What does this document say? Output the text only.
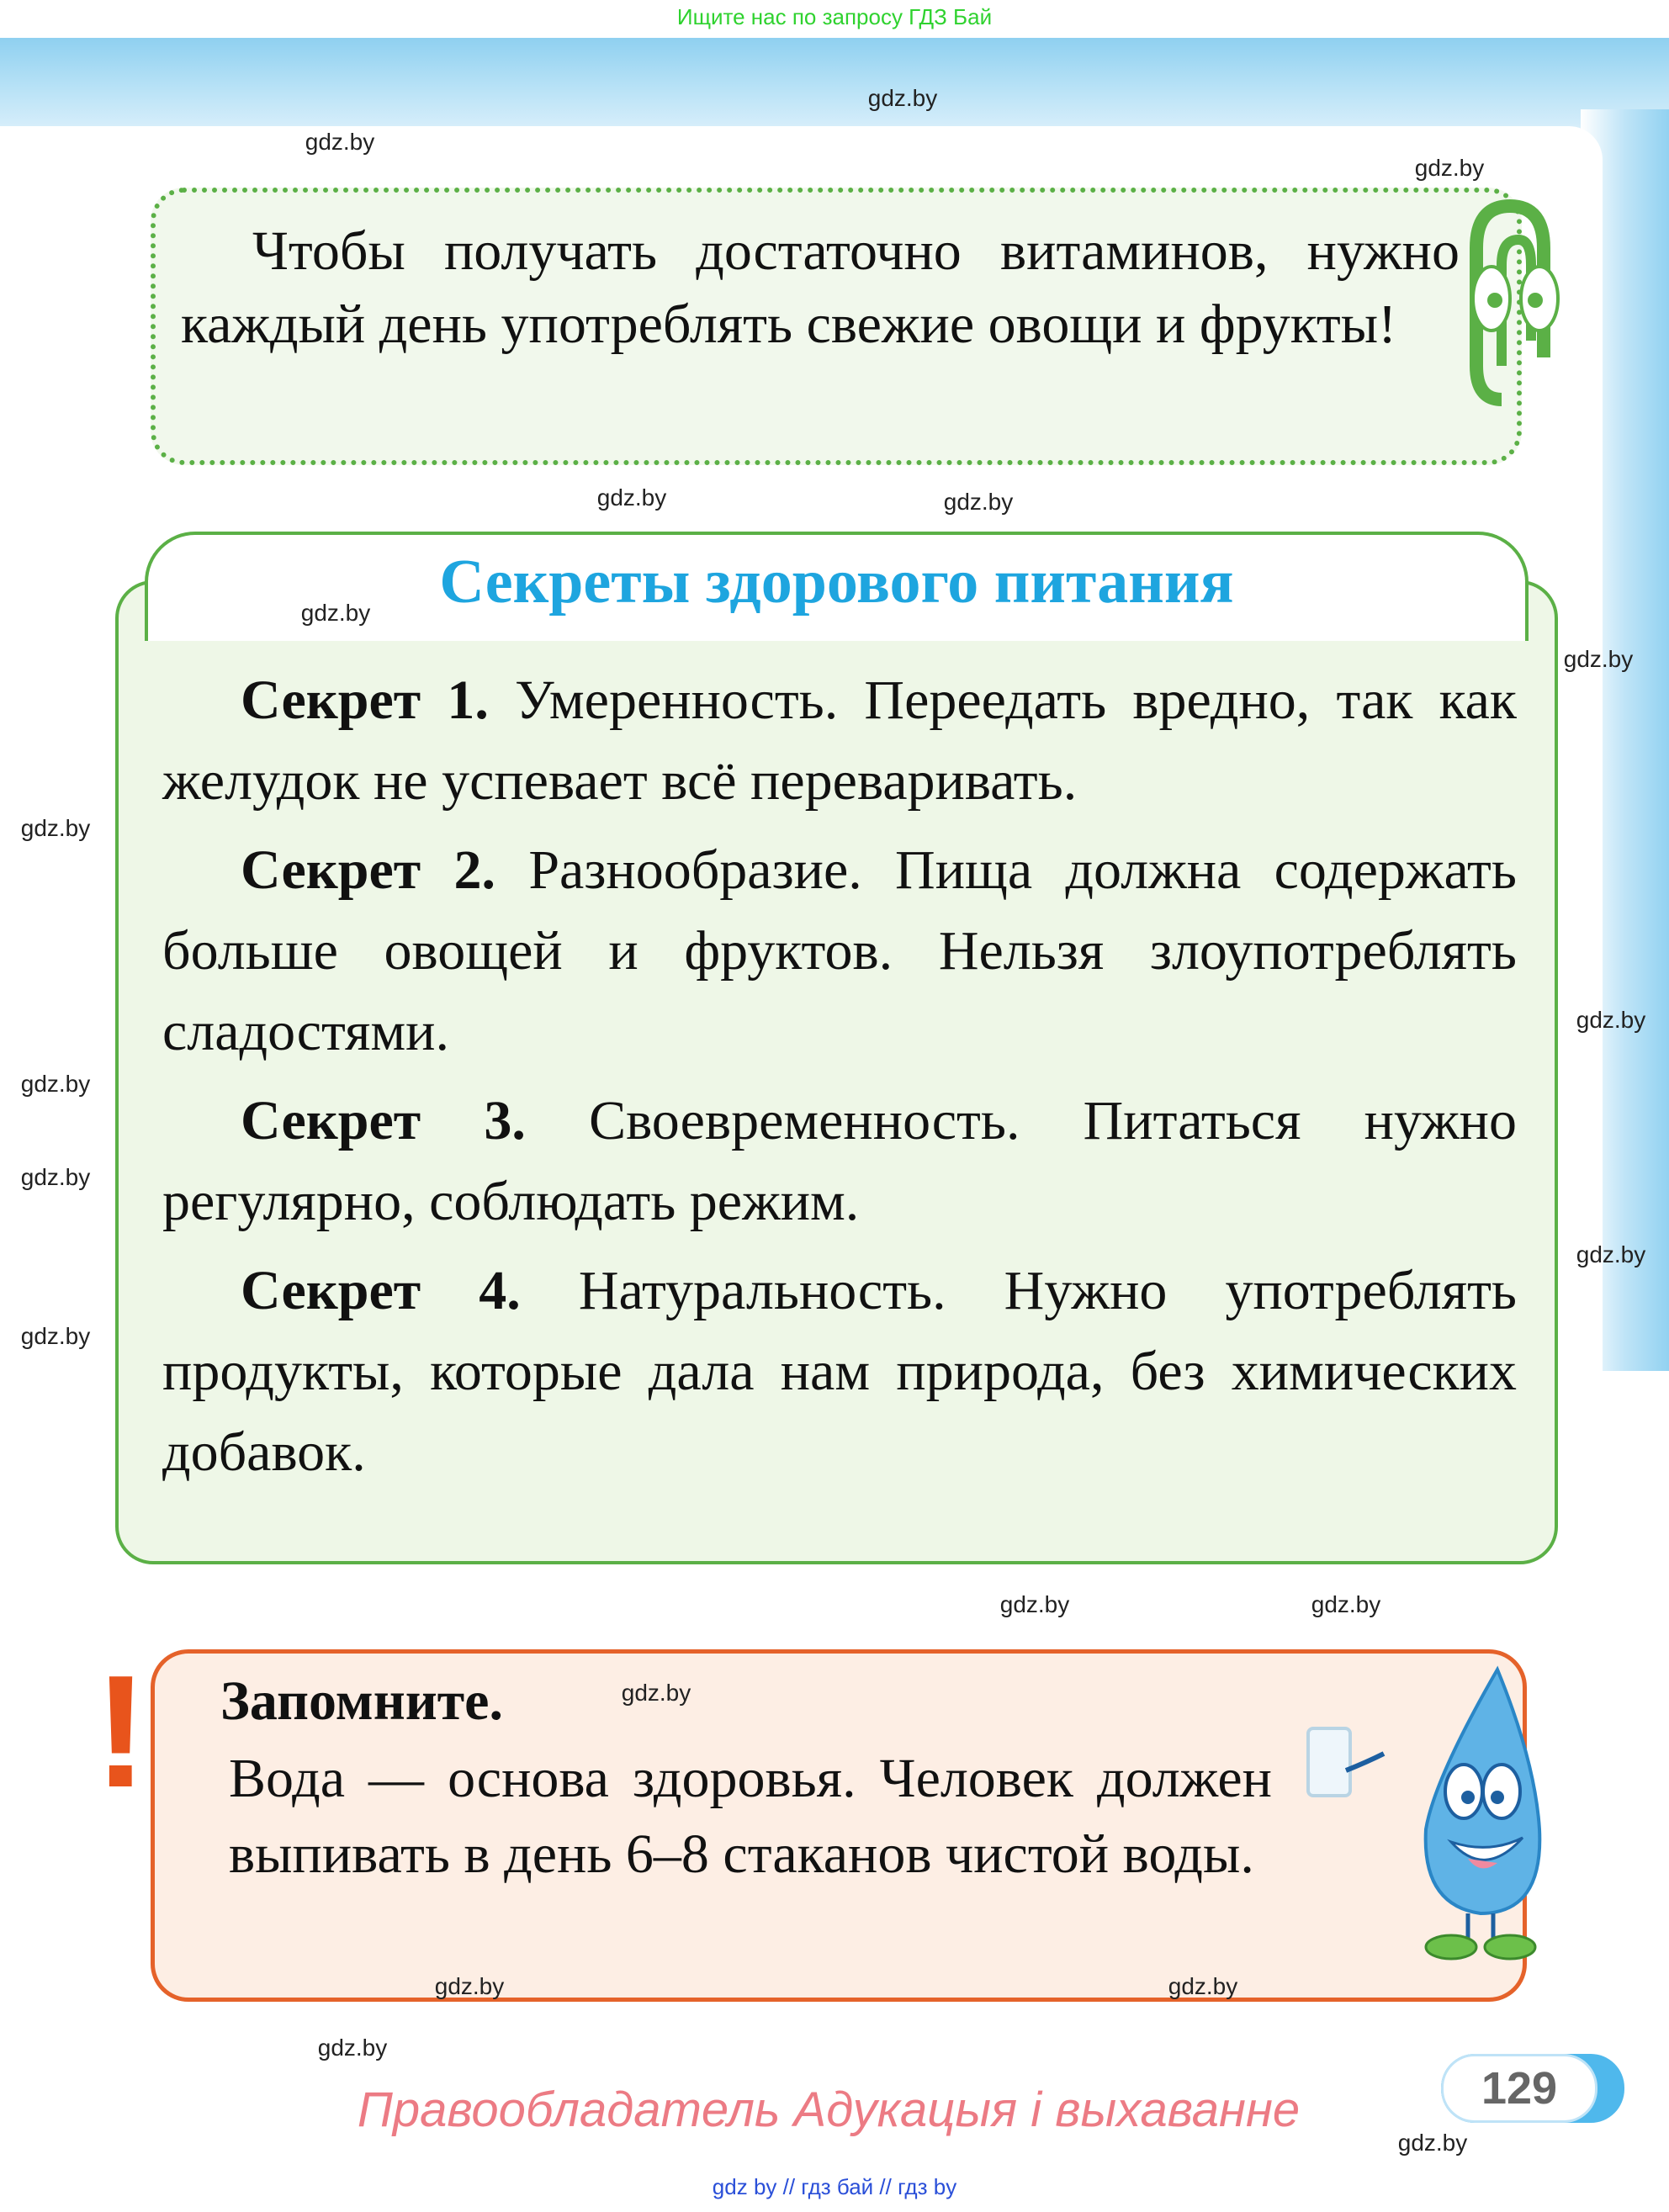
Ищите нас по запросу ГДЗ Бай
Чтобы получать достаточно витаминов, нужно каждый день употреблять свежие овощи и фрукты!
Секреты здорового питания

Секрет 1. Умеренность. Переедать вредно, так как желудок не успевает всё переваривать.

Секрет 2. Разнообразие. Пища должна содержать больше овощей и фруктов. Нельзя злоупотреблять сладостями.

Секрет 3. Своевременность. Питаться нужно регулярно, соблюдать режим.

Секрет 4. Натуральность. Нужно употреблять продукты, которые дала нам природа, без химических добавок.

! Запомните.
Вода — основа здоровья. Человек должен выпивать в день 6–8 стаканов чистой воды.
Правообладатель Адукацыя і выхаванне	129
gdz by // гдз бай // гдз by
gdz.by
gdz.by
gdz.by
gdz.by	gdz.by
gdz.by
gdz.by
gdz.by
gdz.by
gdz.by
gdz.by
gdz.by
gdz.by
gdz.by
gdz.by
gdz.by
gdz.by	gdz.by
gdz.by
gdz.by
